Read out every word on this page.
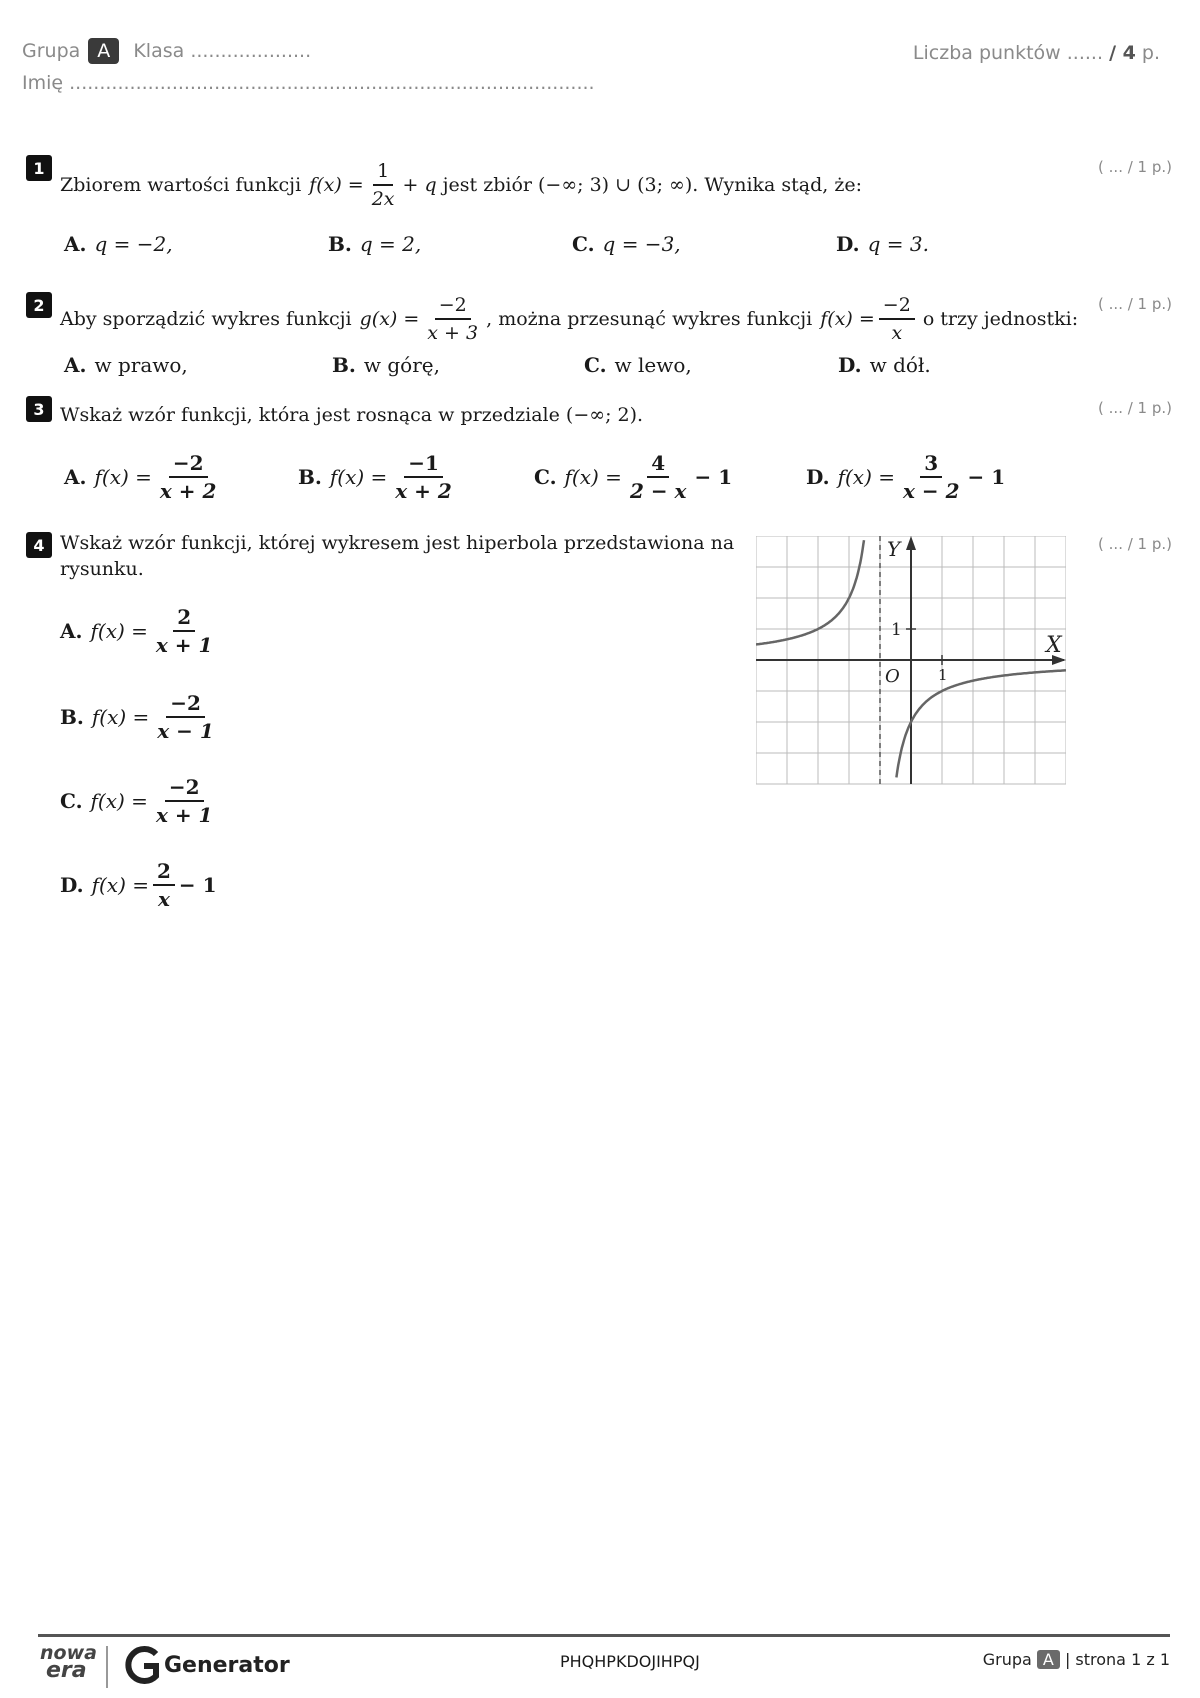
Grupa A Klasa ....................
Imię .......................................................................................
Liczba punktów ...... / 4 p.
1	( ... / 1 p.)
Zbiorem wartości funkcji $f(x) = \frac{1}{2x} + q$ jest zbiór (−∞; 3) ∪ (3; ∞) . Wynika stąd, że:
A. q = −2,	B. q = 2,	C. q = −3,	D. q = 3.
2	( ... / 1 p.)
Aby sporządzić wykres funkcji $g(x) = \frac{-2}{x + 3}$ , można przesunąć wykres funkcji $f(x) = \frac{-2}{x}$ o trzy jednostki:
A. w prawo,	B. w górę,	C. w lewo,	D. w dół.
3	( ... / 1 p.)
Wskaż wzór funkcji, która jest rosnąca w przedziale (−∞; 2).
A. $f(x) = \frac{-2}{x + 2}$	B. $f(x) = \frac{-1}{x + 2}$	C. $f(x) = \frac{4}{2 - x} - 1$	D. $f(x) = \frac{3}{x - 2} - 1$
4	( ... / 1 p.)
Wskaż wzór funkcji, której wykresem jest hiperbola przedstawiona na
rysunku.
A. $f(x) = \frac{2}{x + 1}$
B. $f(x) = \frac{-2}{x - 1}$
C. $f(x) = \frac{-2}{x + 1}$
D. $f(x) = \frac{2}{x} - 1$
X
Y
O	1
1
nowa
era	Generator	PHQHPKDOJIHPQJ	Grupa A | strona 1 z 1
